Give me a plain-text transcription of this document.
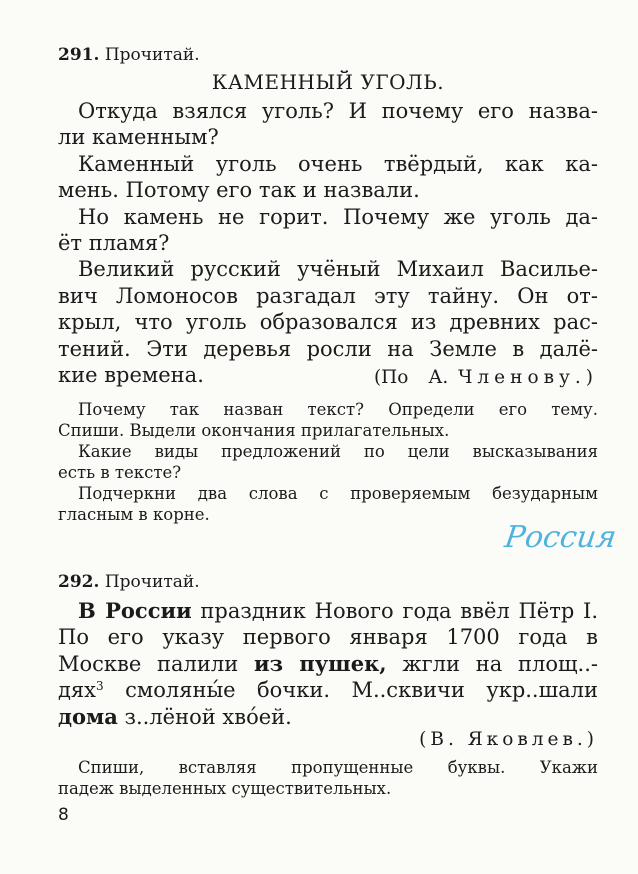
291. Прочитай.
КАМЕННЫЙ УГОЛЬ.
Откуда взялся уголь? И почему его назва-
ли каменным?
Каменный уголь очень твёрдый, как ка-
мень. Потому его так и назвали.
Но камень не горит. Почему же уголь да-
ёт пламя?
Великий русский учёный Михаил Васильe-
вич Ломоносов разгадал эту тайну. Он от-
крыл, что уголь образовался из древних рас-
тений. Эти деревья росли на Земле в далё-
кие времена.	(По А. Членову.)
Почему так назван текст? Определи его тему.
Спиши. Выдели окончания прилагательных.
Какие виды предложений по цели высказывания
есть в тексте?
Подчеркни два слова с проверяемым безударным
гласным в корне.
Россия
292. Прочитай.
В России праздник Нового года ввёл Пётр I.
По его указу первого января 1700 года в
Москве палили из пушек, жгли на площ..-
дях$^3$ смоляны́е бочки. М..сквичи укр..шали
дома з..лёной хво́ей.
(В. Яковлев.)
Спиши, вставляя пропущенные буквы. Укажи
падеж выделенных существительных.
8
